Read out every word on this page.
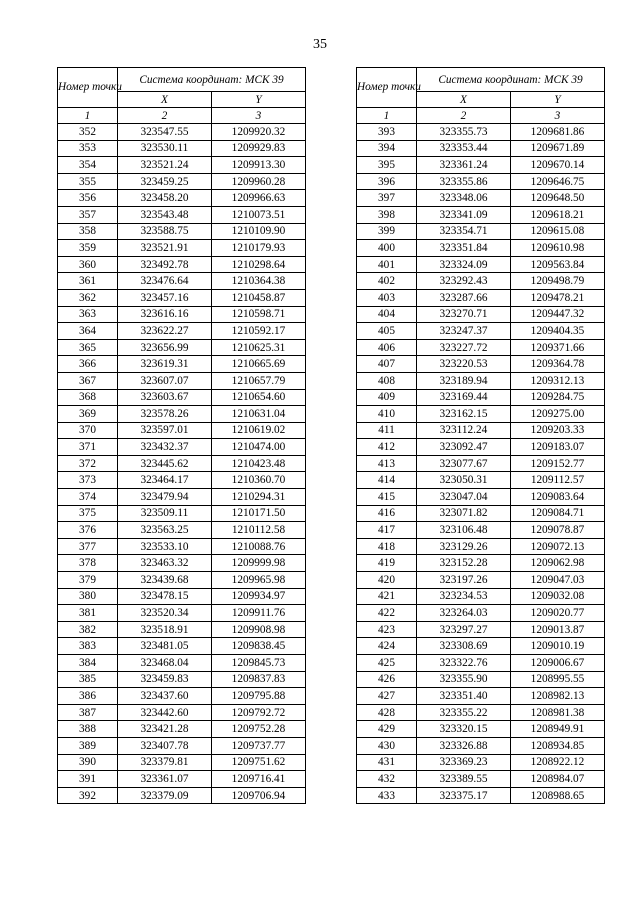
35
Номер точки	Система координат: МСК 39	
	X	Y
1	2	3
352	323547.55	1209920.32
353	323530.11	1209929.83
354	323521.24	1209913.30
355	323459.25	1209960.28
356	323458.20	1209966.63
357	323543.48	1210073.51
358	323588.75	1210109.90
359	323521.91	1210179.93
360	323492.78	1210298.64
361	323476.64	1210364.38
362	323457.16	1210458.87
363	323616.16	1210598.71
364	323622.27	1210592.17
365	323656.99	1210625.31
366	323619.31	1210665.69
367	323607.07	1210657.79
368	323603.67	1210654.60
369	323578.26	1210631.04
370	323597.01	1210619.02
371	323432.37	1210474.00
372	323445.62	1210423.48
373	323464.17	1210360.70
374	323479.94	1210294.31
375	323509.11	1210171.50
376	323563.25	1210112.58
377	323533.10	1210088.76
378	323463.32	1209999.98
379	323439.68	1209965.98
380	323478.15	1209934.97
381	323520.34	1209911.76
382	323518.91	1209908.98
383	323481.05	1209838.45
384	323468.04	1209845.73
385	323459.83	1209837.83
386	323437.60	1209795.88
387	323442.60	1209792.72
388	323421.28	1209752.28
389	323407.78	1209737.77
390	323379.81	1209751.62
391	323361.07	1209716.41
392	323379.09	1209706.94
Номер точки	Система координат: МСК 39	
	X	Y
1	2	3
393	323355.73	1209681.86
394	323353.44	1209671.89
395	323361.24	1209670.14
396	323355.86	1209646.75
397	323348.06	1209648.50
398	323341.09	1209618.21
399	323354.71	1209615.08
400	323351.84	1209610.98
401	323324.09	1209563.84
402	323292.43	1209498.79
403	323287.66	1209478.21
404	323270.71	1209447.32
405	323247.37	1209404.35
406	323227.72	1209371.66
407	323220.53	1209364.78
408	323189.94	1209312.13
409	323169.44	1209284.75
410	323162.15	1209275.00
411	323112.24	1209203.33
412	323092.47	1209183.07
413	323077.67	1209152.77
414	323050.31	1209112.57
415	323047.04	1209083.64
416	323071.82	1209084.71
417	323106.48	1209078.87
418	323129.26	1209072.13
419	323152.28	1209062.98
420	323197.26	1209047.03
421	323234.53	1209032.08
422	323264.03	1209020.77
423	323297.27	1209013.87
424	323308.69	1209010.19
425	323322.76	1209006.67
426	323355.90	1208995.55
427	323351.40	1208982.13
428	323355.22	1208981.38
429	323320.15	1208949.91
430	323326.88	1208934.85
431	323369.23	1208922.12
432	323389.55	1208984.07
433	323375.17	1208988.65
